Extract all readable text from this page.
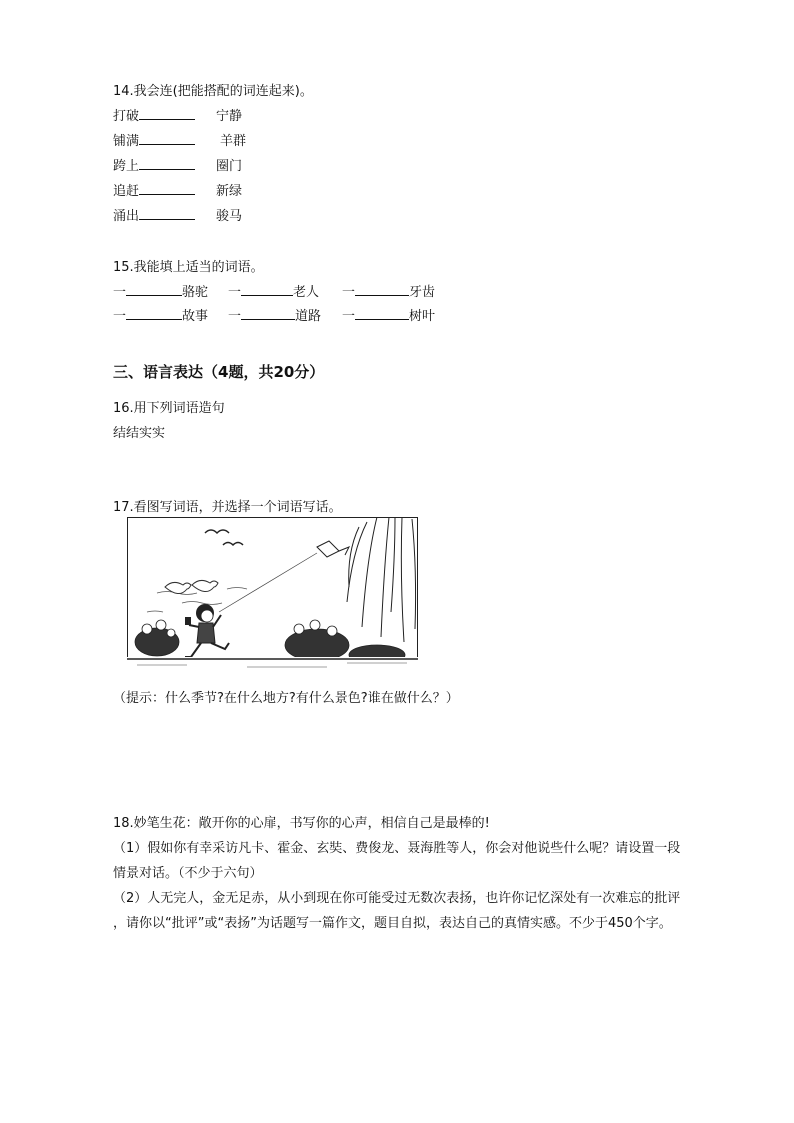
14.我会连(把能搭配的词连起来)。
打破	宁静
铺满	羊群
跨上	圈门
追赶	新绿
涌出	骏马
15.我能填上适当的词语。
一	骆驼 一	老人 一	牙齿
一	故事 一	道路 一	树叶
三、语言表达（4题，共20分）
16.用下列词语造句
结结实实
17.看图写词语，并选择一个词语写话。
（提示：什么季节?在什么地方?有什么景色?谁在做什么？）
18.妙笔生花：敞开你的心扉，书写你的心声，相信自己是最棒的!
（1）假如你有幸采访凡卡、霍金、玄奘、费俊龙、聂海胜等人，你会对他说些什么呢？请设置一段
情景对话。（不少于六句）
（2）人无完人，金无足赤，从小到现在你可能受过无数次表扬，也许你记忆深处有一次难忘的批评
，请你以“批评”或“表扬”为话题写一篇作文，题目自拟，表达自己的真情实感。不少于450个字。
